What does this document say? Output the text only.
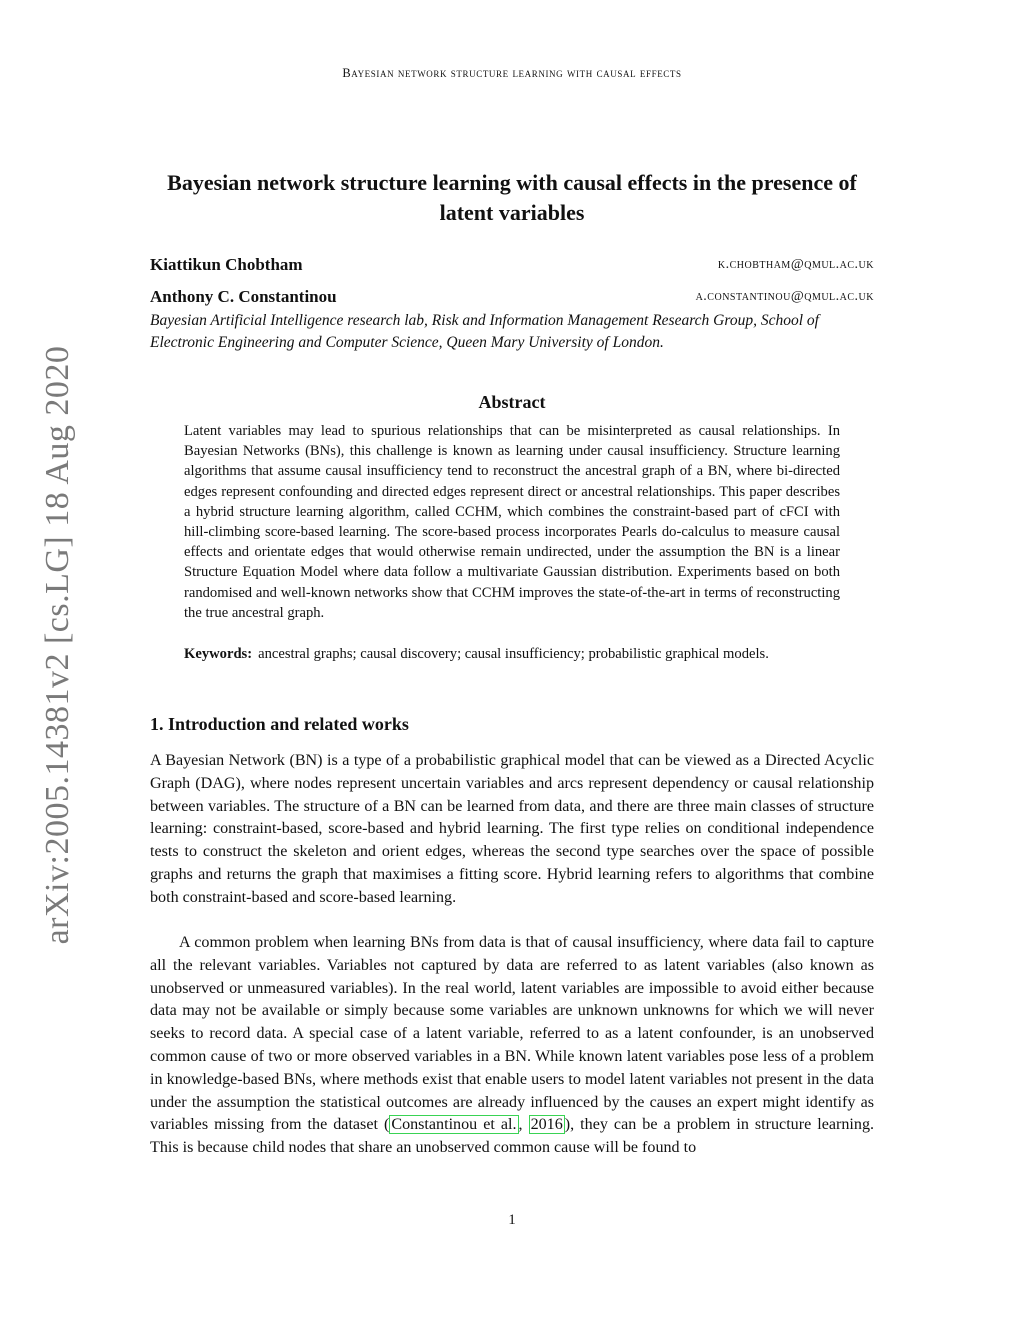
Bayesian network structure learning with causal effects
Bayesian network structure learning with causal effects in the presence of latent variables
Kiattikun Chobtham	k.chobtham@qmul.ac.uk
Anthony C. Constantinou	a.constantinou@qmul.ac.uk
Bayesian Artificial Intelligence research lab, Risk and Information Management Research Group, School of Electronic Engineering and Computer Science, Queen Mary University of London.
Abstract
Latent variables may lead to spurious relationships that can be misinterpreted as causal relationships. In Bayesian Networks (BNs), this challenge is known as learning under causal insufficiency. Structure learning algorithms that assume causal insufficiency tend to reconstruct the ancestral graph of a BN, where bi-directed edges represent confounding and directed edges represent direct or ancestral relationships. This paper describes a hybrid structure learning algorithm, called CCHM, which combines the constraint-based part of cFCI with hill-climbing score-based learning. The score-based process incorporates Pearls do-calculus to measure causal effects and orientate edges that would otherwise remain undirected, under the assumption the BN is a linear Structure Equation Model where data follow a multivariate Gaussian distribution. Experiments based on both randomised and well-known networks show that CCHM improves the state-of-the-art in terms of reconstructing the true ancestral graph.
Keywords: ancestral graphs; causal discovery; causal insufficiency; probabilistic graphical models.
1. Introduction and related works
A Bayesian Network (BN) is a type of a probabilistic graphical model that can be viewed as a Directed Acyclic Graph (DAG), where nodes represent uncertain variables and arcs represent dependency or causal relationship between variables. The structure of a BN can be learned from data, and there are three main classes of structure learning: constraint-based, score-based and hybrid learning. The first type relies on conditional independence tests to construct the skeleton and orient edges, whereas the second type searches over the space of possible graphs and returns the graph that maximises a fitting score. Hybrid learning refers to algorithms that combine both constraint-based and score-based learning.
A common problem when learning BNs from data is that of causal insufficiency, where data fail to capture all the relevant variables. Variables not captured by data are referred to as latent variables (also known as unobserved or unmeasured variables). In the real world, latent variables are impossible to avoid either because data may not be available or simply because some variables are unknown unknowns for which we will never seeks to record data. A special case of a latent variable, referred to as a latent confounder, is an unobserved common cause of two or more observed variables in a BN. While known latent variables pose less of a problem in knowledge-based BNs, where methods exist that enable users to model latent variables not present in the data under the assumption the statistical outcomes are already influenced by the causes an expert might identify as variables missing from the dataset ( Constantinou et al. , 2016 ), they can be a problem in structure learning. This is because child nodes that share an unobserved common cause will be found to
1
arXiv:2005.14381v2 [cs.LG] 18 Aug 2020
